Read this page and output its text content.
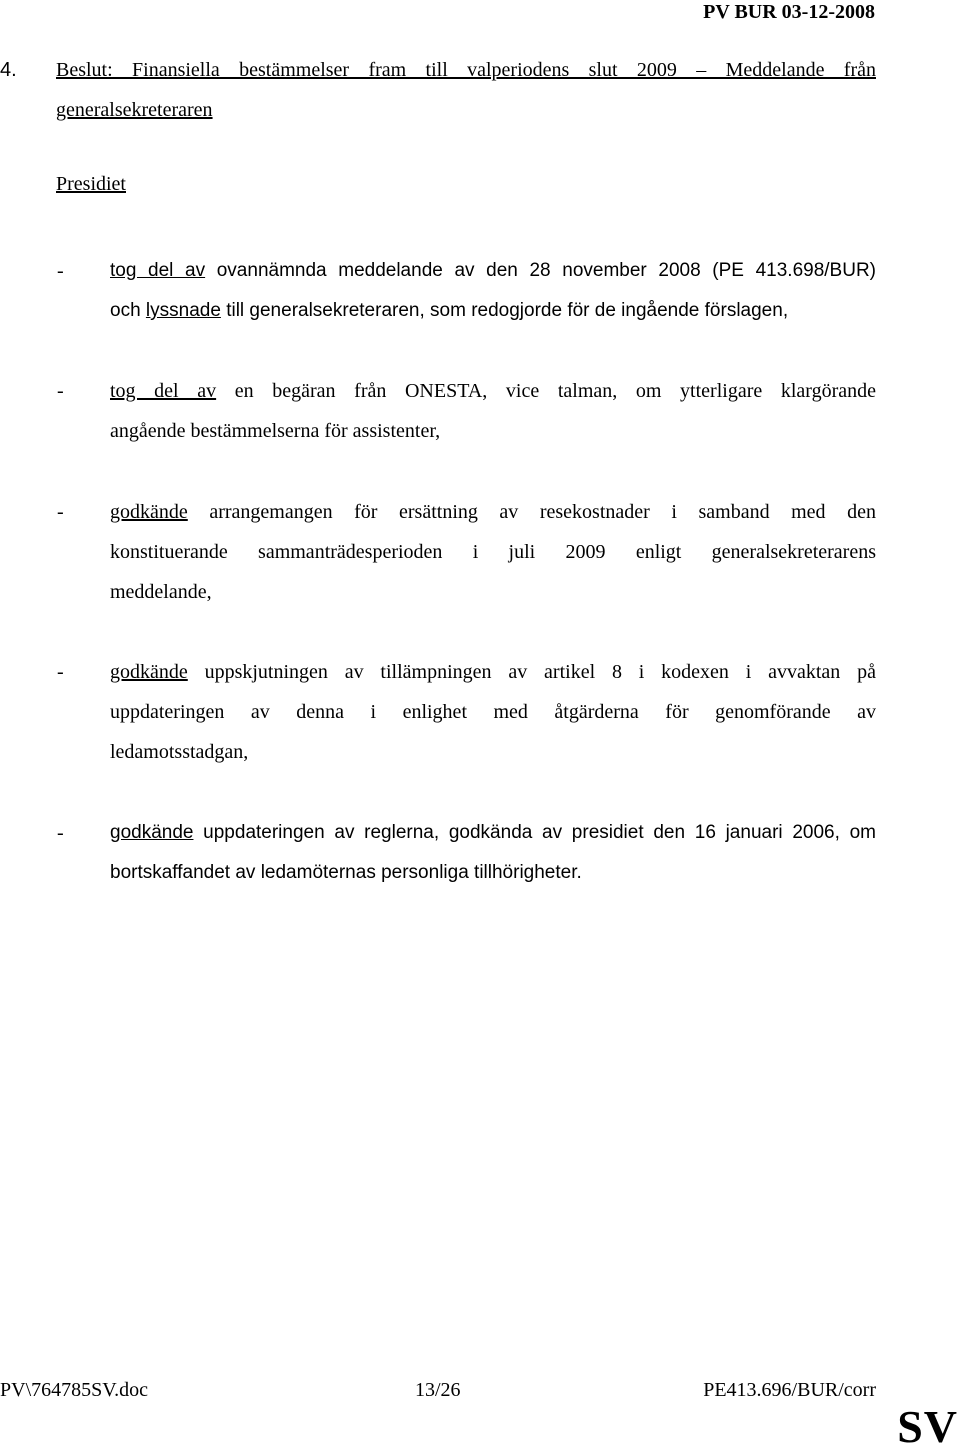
PV BUR 03-12-2008
4.	Beslut: Finansiella bestämmelser fram till valperiodens slut 2009 – Meddelande från
generalsekreteraren
Presidiet
- tog del av ovannämnda meddelande av den 28 november 2008 (PE 413.698/BUR)
och lyssnade till generalsekreteraren, som redogjorde för de ingående förslagen,
- tog del av en begäran från ONESTA, vice talman, om ytterligare klargörande
angående bestämmelserna för assistenter,
- godkände arrangemangen för ersättning av resekostnader i samband med den
konstituerande sammanträdesperioden i juli 2009 enligt generalsekreterarens
meddelande,
- godkände uppskjutningen av tillämpningen av artikel 8 i kodexen i avvaktan på
uppdateringen av denna i enlighet med åtgärderna för genomförande av
ledamotsstadgan,
- godkände uppdateringen av reglerna, godkända av presidiet den 16 januari 2006, om
bortskaffandet av ledamöternas personliga tillhörigheter.
PV\764785SV.doc	13/26	PE413.696/BUR/corr
SV
